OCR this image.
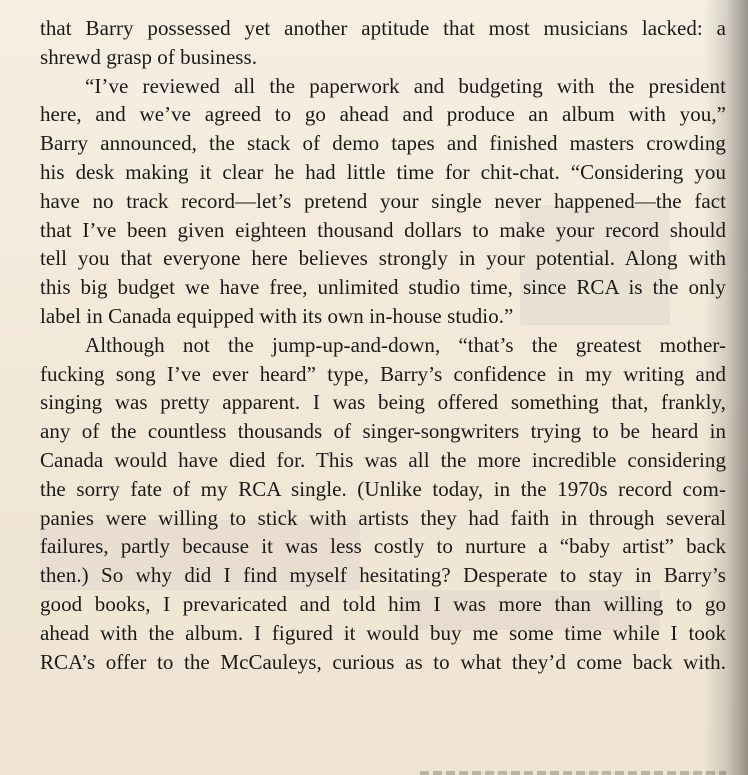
that Barry possessed yet another aptitude that most musicians lacked: a
shrewd grasp of business.
“I’ve reviewed all the paperwork and budgeting with the president
here, and we’ve agreed to go ahead and produce an album with you,”
Barry announced, the stack of demo tapes and finished masters crowding
his desk making it clear he had little time for chit-chat. “Considering you
have no track record—let’s pretend your single never happened—the fact
that I’ve been given eighteen thousand dollars to make your record should
tell you that everyone here believes strongly in your potential. Along with
this big budget we have free, unlimited studio time, since RCA is the only
label in Canada equipped with its own in-house studio.”
Although not the jump-up-and-down, “that’s the greatest mother-
fucking song I’ve ever heard” type, Barry’s confidence in my writing and
singing was pretty apparent. I was being offered something that, frankly,
any of the countless thousands of singer-songwriters trying to be heard in
Canada would have died for. This was all the more incredible considering
the sorry fate of my RCA single. (Unlike today, in the 1970s record com-
panies were willing to stick with artists they had faith in through several
failures, partly because it was less costly to nurture a “baby artist” back
then.) So why did I find myself hesitating? Desperate to stay in Barry’s
good books, I prevaricated and told him I was more than willing to go
ahead with the album. I figured it would buy me some time while I took
RCA’s offer to the McCauleys, curious as to what they’d come back with.
